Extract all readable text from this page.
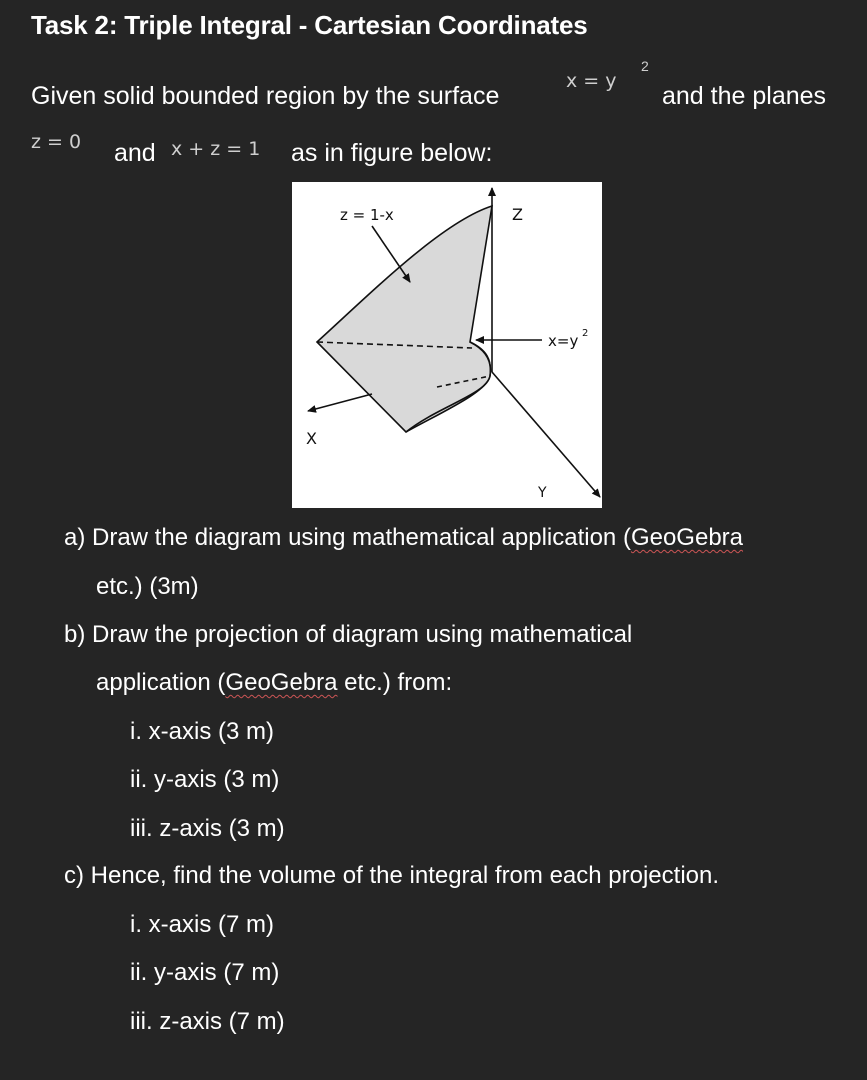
Task 2: Triple Integral - Cartesian Coordinates
Given solid bounded region by the surface
x = y
2
and the planes
z = 0 and x + z = 1 as in figure below:
z = 1-x	Z
x=y 2
X
Y
a) Draw the diagram using mathematical application (GeoGebra
etc.) (3m)
b) Draw the projection of diagram using mathematical
application (GeoGebra etc.) from:
i. x-axis (3 m)
ii. y-axis (3 m)
iii. z-axis (3 m)
c) Hence, find the volume of the integral from each projection.
i. x-axis (7 m)
ii. y-axis (7 m)
iii. z-axis (7 m)
